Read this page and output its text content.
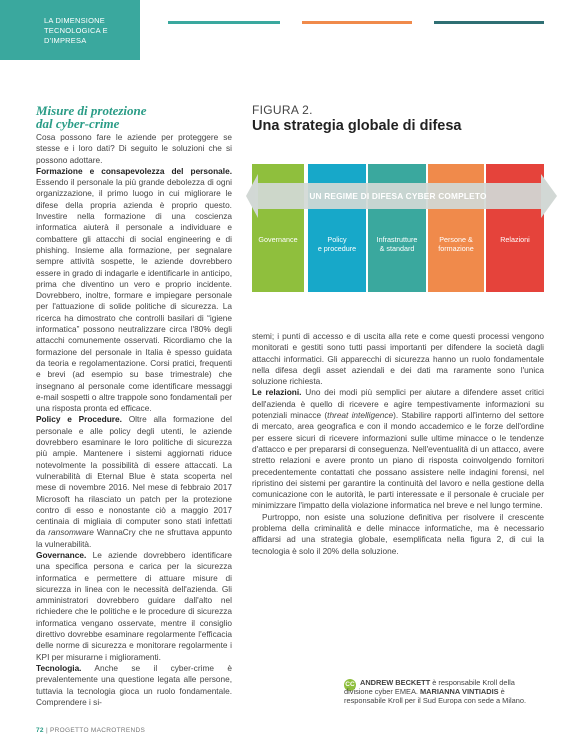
LA DIMENSIONE
TECNOLOGICA E D'IMPRESA
Misure di protezione
dal cyber-crime

Cosa possono fare le aziende per proteggere se stesse e i loro dati? Di seguito le soluzioni che si possono adottare.

Formazione e consapevolezza del personale. Essendo il personale la più grande debolezza di ogni organizzazione, il primo luogo in cui migliorare le difese della propria azienda è proprio questo. Investire nella formazione di una coscienza informatica aiuterà il personale a individuare e combattere gli attacchi di social engineering e di phishing. Insieme alla formazione, per segnalare sempre attività sospette, le aziende dovrebbero essere in grado di indagarle e identificarle in anticipo, prima che diventino un vero e proprio incidente. Dovrebbero, inoltre, formare e impiegare personale per l'attuazione di solide politiche di sicurezza. La ricerca ha dimostrato che controlli basilari di “igiene informatica” possono neutralizzare circa l'80% degli attacchi comunemente osservati. Ricordiamo che la formazione del personale in Italia è spesso guidata da teoria e regolamentazione. Corsi pratici, frequenti e brevi (ad esempio su base trimestrale) che insegnano al personale come identificare messaggi e-mail sospetti o altre trappole sono fondamentali per una risposta pronta ed efficace.

Policy e Procedure. Oltre alla formazione del personale e alle policy degli utenti, le aziende dovrebbero esaminare le loro politiche di sicurezza più ampie. Mantenere i sistemi aggiornati riduce notevolmente la possibilità di essere attaccati. La vulnerabilità di Eternal Blue è stata scoperta nel mese di novembre 2016. Nel mese di febbraio 2017 Microsoft ha rilasciato un patch per la protezione contro di esso e nonostante ciò a maggio 2017 centinaia di migliaia di computer sono stati infettati da ransomware WannaCry che ne sfruttava appunto la vulnerabilità.

Governance. Le aziende dovrebbero identificare una specifica persona e carica per la sicurezza informatica e permettere di attuare misure di sicurezza in linea con le necessità dell'azienda. Gli amministratori dovrebbero guidare dall'alto nel richiedere che le politiche e le procedure di sicurezza informatica vengano osservate, mentre il consiglio direttivo dovrebbe esaminare regolarmente l'efficacia delle norme di sicurezza e monitorare regolarmente i KPI per misurarne i miglioramenti.

Tecnologia. Anche se il cyber-crime è prevalentemente una questione legata alle persone, tuttavia la tecnologia gioca un ruolo fondamentale. Comprendere i si-

FIGURA 2.
Una strategia globale di difesa
Governance	Policy
e procedure
Infrastrutture
& standard
Persone &
formazione
Relazioni
UN REGIME DI DIFESA CYBER COMPLETO

stemi; i punti di accesso e di uscita alla rete e come questi processi vengono monitorati e gestiti sono tutti passi importanti per difendere la società dagli attacchi informatici. Gli apparecchi di sicurezza hanno un ruolo fondamentale nella difesa degli asset aziendali e dei dati ma raramente sono l'unica soluzione richiesta.

Le relazioni. Uno dei modi più semplici per aiutare a difendere asset critici dell'azienda è quello di ricevere e agire tempestivamente informazioni su potenziali minacce (threat intelligence). Stabilire rapporti all'interno del settore di mercato, area geografica e con il mondo accademico e le forze dell'ordine per essere sicuri di ricevere informazioni sulle ultime minacce o le tendenze d'attacco e per prepararsi di conseguenza. Nell'eventualità di un attacco, avere stretto relazioni e avere pronto un piano di risposta coinvolgendo fornitori precedentemente contattati che possano assistere nelle indagini forensi, nel ripristino dei sistemi per garantire la continuità del lavoro e nella gestione della comunicazione con le autorità, le parti interessate e il personale è cruciale per minimizzare l'impatto della violazione informatica nel breve e nel lungo termine.

Purtroppo, non esiste una soluzione definitiva per risolvere il crescente problema della criminalità e delle minacce informatiche, ma è necessario affidarsi ad una strategia globale, esemplificata nella figura 2, di cui la tecnologia è solo il 20% della soluzione.

CC ANDREW BECKETT è responsabile Kroll della divisione cyber EMEA. MARIANNA VINTIADIS è responsabile Kroll per il Sud Europa con sede a Milano.
72 | PROGETTO MACROTRENDS
